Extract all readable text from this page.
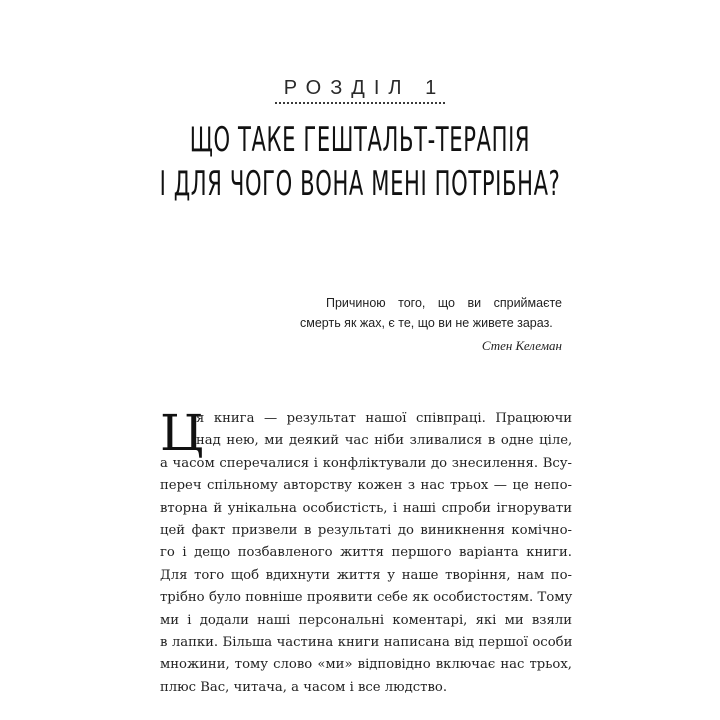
РОЗДІЛ 1
ЩО ТАКЕ ГЕШТАЛЬТ-ТЕРАПІЯ
І ДЛЯ ЧОГО ВОНА МЕНІ ПОТРІБНА?

Причиною того, що ви сприймаєте смерть як жах, є те, що ви не живете зараз.

Стен Келеман
Ц
я книга — результат нашої співпраці. Працюючи
над нею, ми деякий час ніби зливалися в одне ціле,
а часом сперечалися і конфліктували до знесилення. Всу-
переч спільному авторству кожен з нас трьох — це непо-
вторна й унікальна особистість, і наші спроби ігнорувати
цей факт призвели в результаті до виникнення комічно-
го і дещо позбавленого життя першого варіанта книги.
Для того щоб вдихнути життя у наше творіння, нам по-
трібно було повніше проявити себе як особистостям. Тому
ми і додали наші персональні коментарі, які ми взяли
в лапки. Більша частина книги написана від першої особи
множини, тому слово «ми» відповідно включає нас трьох,
плюс Вас, читача, а часом і все людство.
